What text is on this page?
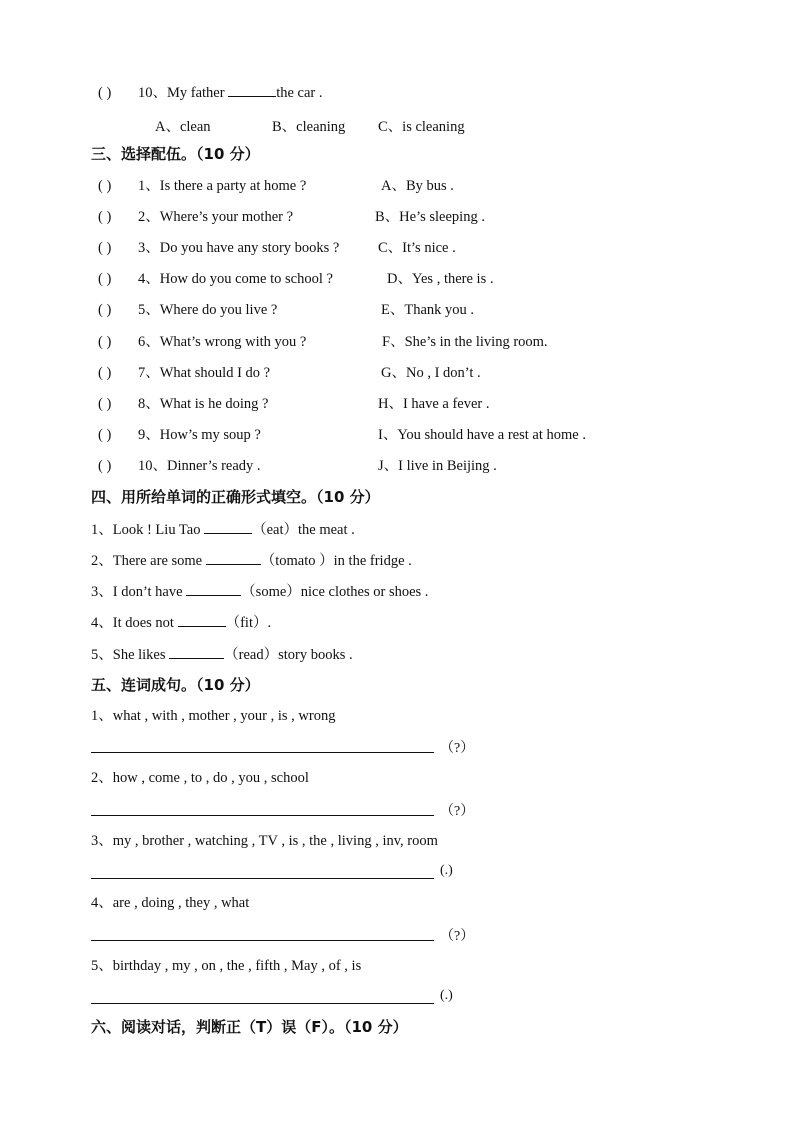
( ) 10、My father	the car .
A、clean	B、cleaning C、is cleaning
三、选择配伍。（10 分）
( ) 1、Is there a party at home ?	A、By bus .
( ) 2、Where’s your mother ?	B、He’s sleeping .
( ) 3、Do you have any story books ?	C、It’s nice .
( ) 4、How do you come to school ?	D、Yes , there is .
( ) 5、Where do you live ?	E、Thank you .
( ) 6、What’s wrong with you ?	F、She’s in the living room.
( ) 7、What should I do ?	G、No , I don’t .
( ) 8、What is he doing ?	H、I have a fever .
( ) 9、How’s my soup ?	I、You should have a rest at home .
( ) 10、Dinner’s ready .	J、I live in Beijing .
四、用所给单词的正确形式填空。（10 分）
1、Look ! Liu Tao	（eat）the meat .
2、There are some	（tomato ）in the fridge .
3、I don’t have	（some）nice clothes or shoes .
4、It does not	（fit）.
5、She likes	（read）story books .
五、连词成句。（10 分）
1、what , with , mother , your , is , wrong
（?）
2、how , come , to , do , you , school
（?）
3、my , brother , watching , TV , is , the , living , inv, room
(.)
4、are , doing , they , what
（?）
5、birthday , my , on , the , fifth , May , of , is
(.)
六、阅读对话，判断正（T）误（F）。（10 分）
